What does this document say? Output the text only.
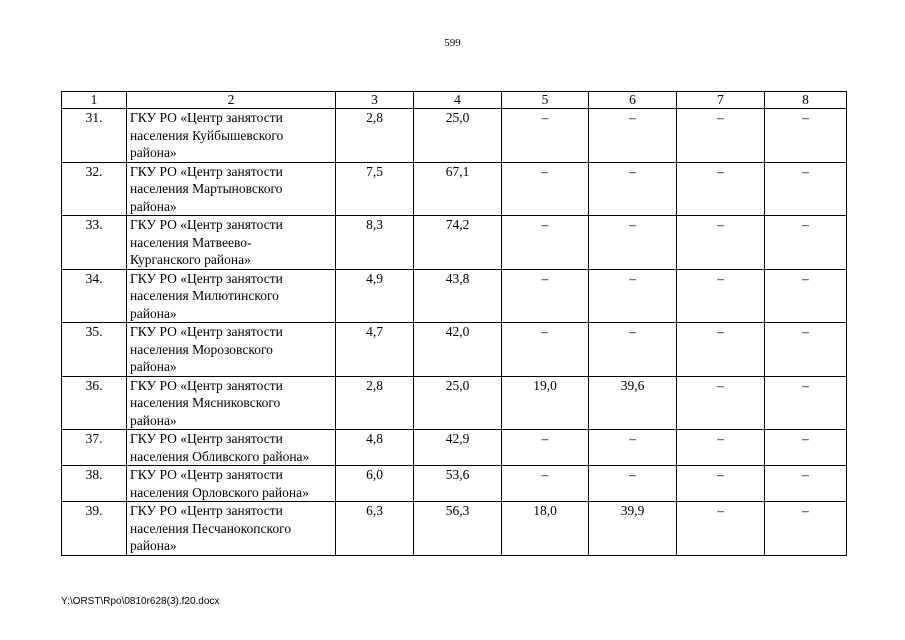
599
1	2	3	4	5	6	7	8
31.	ГКУ РО «Центр занятости
населения Куйбышевского
района»	2,8	25,0	–	–	–	–
32.	ГКУ РО «Центр занятости
населения Мартыновского
района»	7,5	67,1	–	–	–	–
33.	ГКУ РО «Центр занятости
населения Матвеево-
Курганского района»	8,3	74,2	–	–	–	–
34.	ГКУ РО «Центр занятости
населения Милютинского
района»	4,9	43,8	–	–	–	–
35.	ГКУ РО «Центр занятости
населения Морозовского
района»	4,7	42,0	–	–	–	–
36.	ГКУ РО «Центр занятости
населения Мясниковского
района»	2,8	25,0	19,0	39,6	–	–
37.	ГКУ РО «Центр занятости
населения Обливского района»	4,8	42,9	–	–	–	–
38.	ГКУ РО «Центр занятости
населения Орловского района»	6,0	53,6	–	–	–	–
39.	ГКУ РО «Центр занятости
населения Песчанокопского
района»	6,3	56,3	18,0	39,9	–	–
Y:\ORST\Rpo\0810r628(3).f20.docx
